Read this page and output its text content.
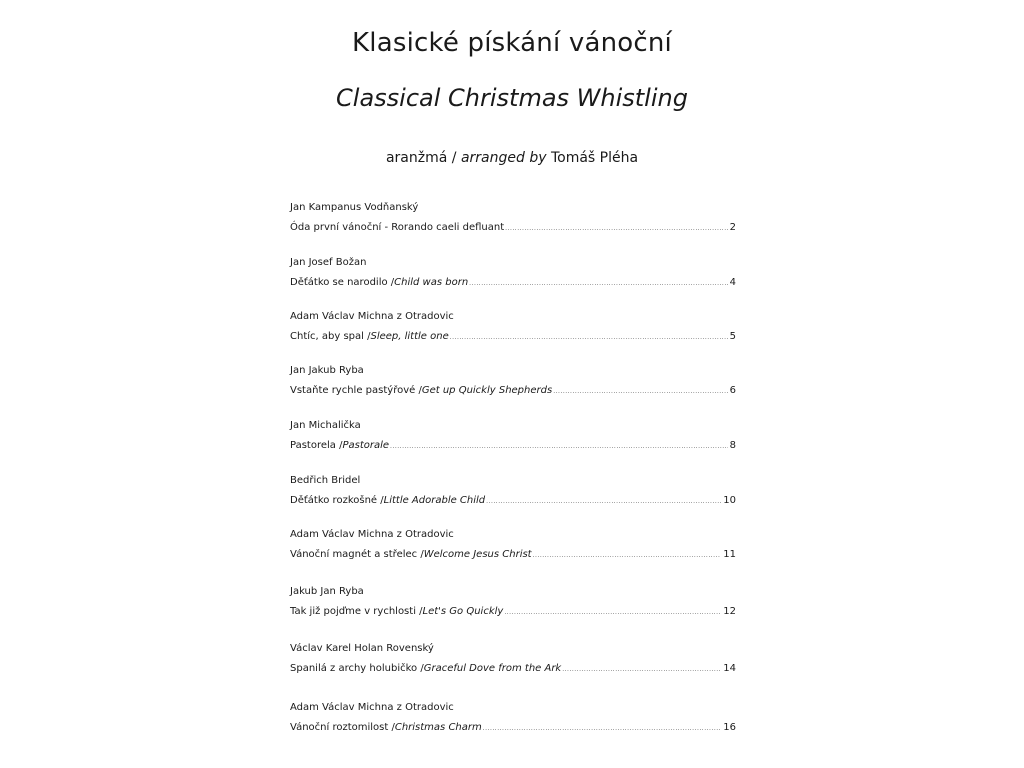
Klasické pískání vánoční
Classical Christmas Whistling
aranžmá / arranged by Tomáš Pléha
Jan Kampanus Vodňanský
Óda první vánoční - Rorando caeli defluant .....	2
Jan Josef Božan
Děťátko se narodilo / Child was born .....	4
Adam Václav Michna z Otradovic
Chtíc, aby spal / Sleep, little one .....	5
Jan Jakub Ryba
Vstaňte rychle pastýřové / Get up Quickly Shepherds .....	6
Jan Michalička
Pastorela / Pastorale .....	8
Bedřich Bridel
Děťátko rozkošné / Little Adorable Child .....	10
Adam Václav Michna z Otradovic
Vánoční magnét a střelec / Welcome Jesus Christ .....	11
Jakub Jan Ryba
Tak již pojďme v rychlosti / Let's Go Quickly .....	12
Václav Karel Holan Rovenský
Spanilá z archy holubičko / Graceful Dove from the Ark .....	14
Adam Václav Michna z Otradovic
Vánoční roztomilost / Christmas Charm .....	16
